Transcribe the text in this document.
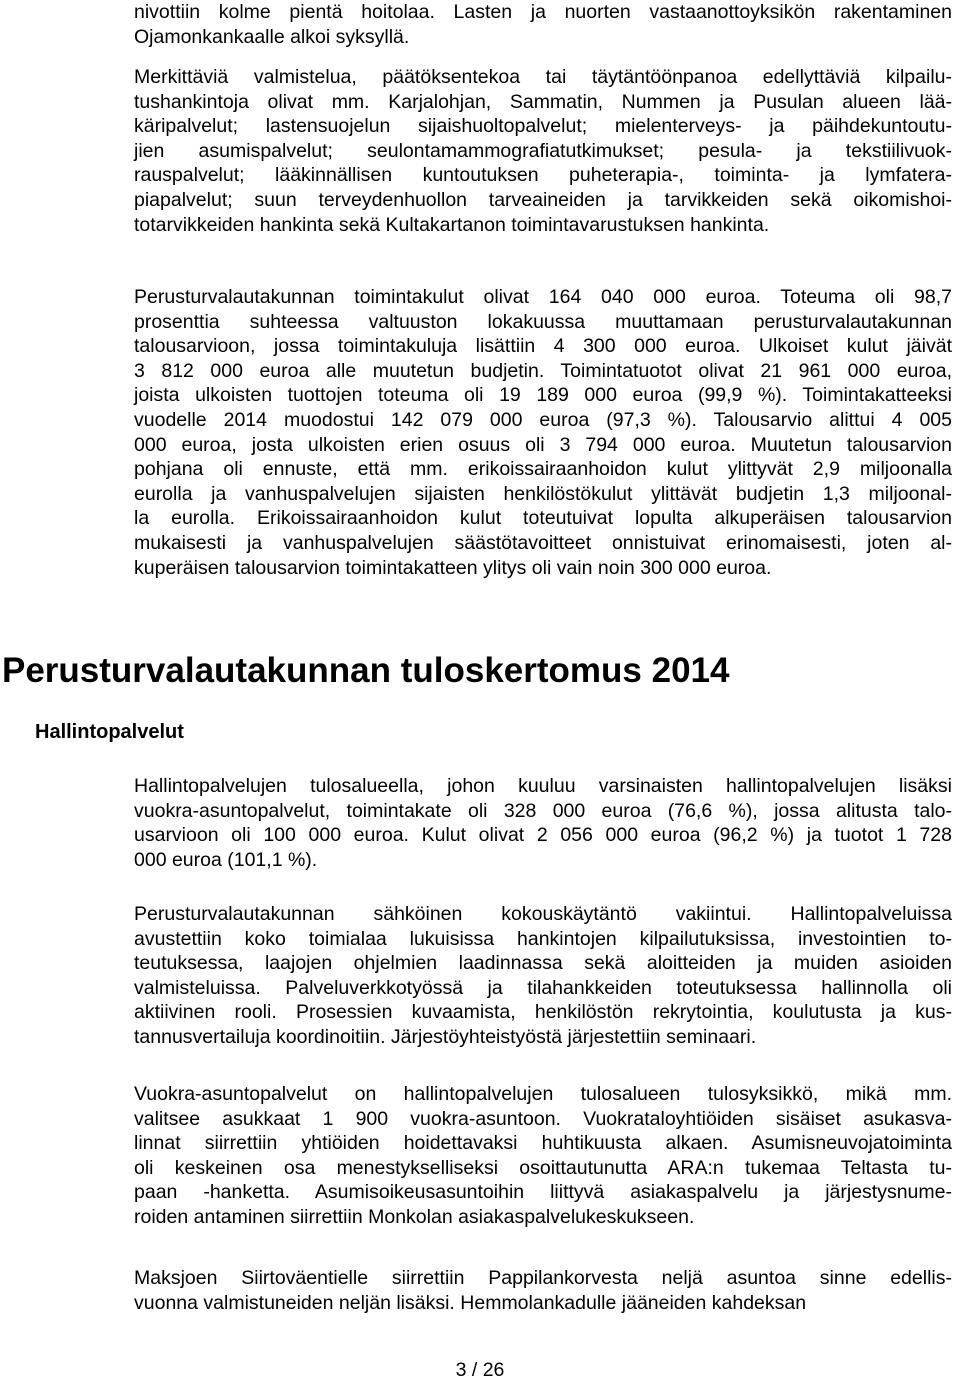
nivottiin kolme pientä hoitolaa. Lasten ja nuorten vastaanottoyksikön rakentaminen
Ojamonkankaalle alkoi syksyllä.
Merkittäviä valmistelua, päätöksentekoa tai täytäntöönpanoa edellyttäviä kilpailu-
tushankintoja olivat mm. Karjalohjan, Sammatin, Nummen ja Pusulan alueen lää-
käripalvelut; lastensuojelun sijaishuoltopalvelut; mielenterveys- ja päihdekuntoutu-
jien asumispalvelut; seulontamammografiatutkimukset; pesula- ja tekstiilivuok-
rauspalvelut; lääkinnällisen kuntoutuksen puheterapia-, toiminta- ja lymfatera-
piapalvelut; suun terveydenhuollon tarveaineiden ja tarvikkeiden sekä oikomishoi-
totarvikkeiden hankinta sekä Kultakartanon toimintavarustuksen hankinta.
Perusturvalautakunnan toimintakulut olivat 164 040 000 euroa. Toteuma oli 98,7
prosenttia suhteessa valtuuston lokakuussa muuttamaan perusturvalautakunnan
talousarvioon, jossa toimintakuluja lisättiin 4 300 000 euroa. Ulkoiset kulut jäivät
3 812 000 euroa alle muutetun budjetin. Toimintatuotot olivat 21 961 000 euroa,
joista ulkoisten tuottojen toteuma oli 19 189 000 euroa (99,9 %). Toimintakatteeksi
vuodelle 2014 muodostui 142 079 000 euroa (97,3 %). Talousarvio alittui 4 005
000 euroa, josta ulkoisten erien osuus oli 3 794 000 euroa. Muutetun talousarvion
pohjana oli ennuste, että mm. erikoissairaanhoidon kulut ylittyvät 2,9 miljoonalla
eurolla ja vanhuspalvelujen sijaisten henkilöstökulut ylittävät budjetin 1,3 miljoonal-
la eurolla. Erikoissairaanhoidon kulut toteutuivat lopulta alkuperäisen talousarvion
mukaisesti ja vanhuspalvelujen säästötavoitteet onnistuivat erinomaisesti, joten al-
kuperäisen talousarvion toimintakatteen ylitys oli vain noin 300 000 euroa.
Perusturvalautakunnan tuloskertomus 2014
Hallintopalvelut
Hallintopalvelujen tulosalueella, johon kuuluu varsinaisten hallintopalvelujen lisäksi
vuokra-asuntopalvelut, toimintakate oli 328 000 euroa (76,6 %), jossa alitusta talo-
usarvioon oli 100 000 euroa. Kulut olivat 2 056 000 euroa (96,2 %) ja tuotot 1 728
000 euroa (101,1 %).
Perusturvalautakunnan sähköinen kokouskäytäntö vakiintui. Hallintopalveluissa
avustettiin koko toimialaa lukuisissa hankintojen kilpailutuksissa, investointien to-
teutuksessa, laajojen ohjelmien laadinnassa sekä aloitteiden ja muiden asioiden
valmisteluissa. Palveluverkkotyössä ja tilahankkeiden toteutuksessa hallinnolla oli
aktiivinen rooli. Prosessien kuvaamista, henkilöstön rekrytointia, koulutusta ja kus-
tannusvertailuja koordinoitiin. Järjestöyhteistyöstä järjestettiin seminaari.
Vuokra-asuntopalvelut on hallintopalvelujen tulosalueen tulosyksikkö, mikä mm.
valitsee asukkaat 1 900 vuokra-asuntoon. Vuokrataloyhtiöiden sisäiset asukasva-
linnat siirrettiin yhtiöiden hoidettavaksi huhtikuusta alkaen. Asumisneuvojatoiminta
oli keskeinen osa menestykselliseksi osoittautunutta ARA:n tukemaa Teltasta tu-
paan -hanketta. Asumisoikeusasuntoihin liittyvä asiakaspalvelu ja järjestysnume-
roiden antaminen siirrettiin Monkolan asiakaspalvelukeskukseen.
Maksjoen Siirtoväentielle siirrettiin Pappilankorvesta neljä asuntoa sinne edellis-
vuonna valmistuneiden neljän lisäksi. Hemmolankadulle jääneiden kahdeksan
3 / 26
